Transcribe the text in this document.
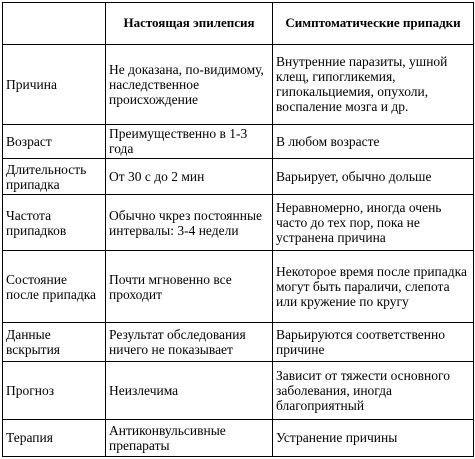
	Настоящая эпилепсия	Симптоматические припадки
Причина	Не доказана, по-видимому, наследственное происхождение	Внутренние паразиты, ушной клещ, гипогликемия, гипокальциемия, опухоли, воспаление мозга и др.
Возраст	Преимущественно в 1-3 года	В любом возрасте
Длительность припадка	От 30 с до 2 мин	Варьирует, обычно дольше
Частота припадков	Обычно чкрез постоянные интервалы: 3-4 недели	Неравномерно, иногда очень часто до тех пор, пока не устранена причина
Состояние после припадка	Почти мгновенно все проходит	Некоторое время после припадка могут быть параличи, слепота или кружение по кругу
Данные вскрытия	Результат обследования ничего не показывает	Варьируются соответственно причине
Прогноз	Неизлечима	Зависит от тяжести основного заболевания, иногда благоприятный
Терапия	Антиконвульсивные препараты	Устранение причины
